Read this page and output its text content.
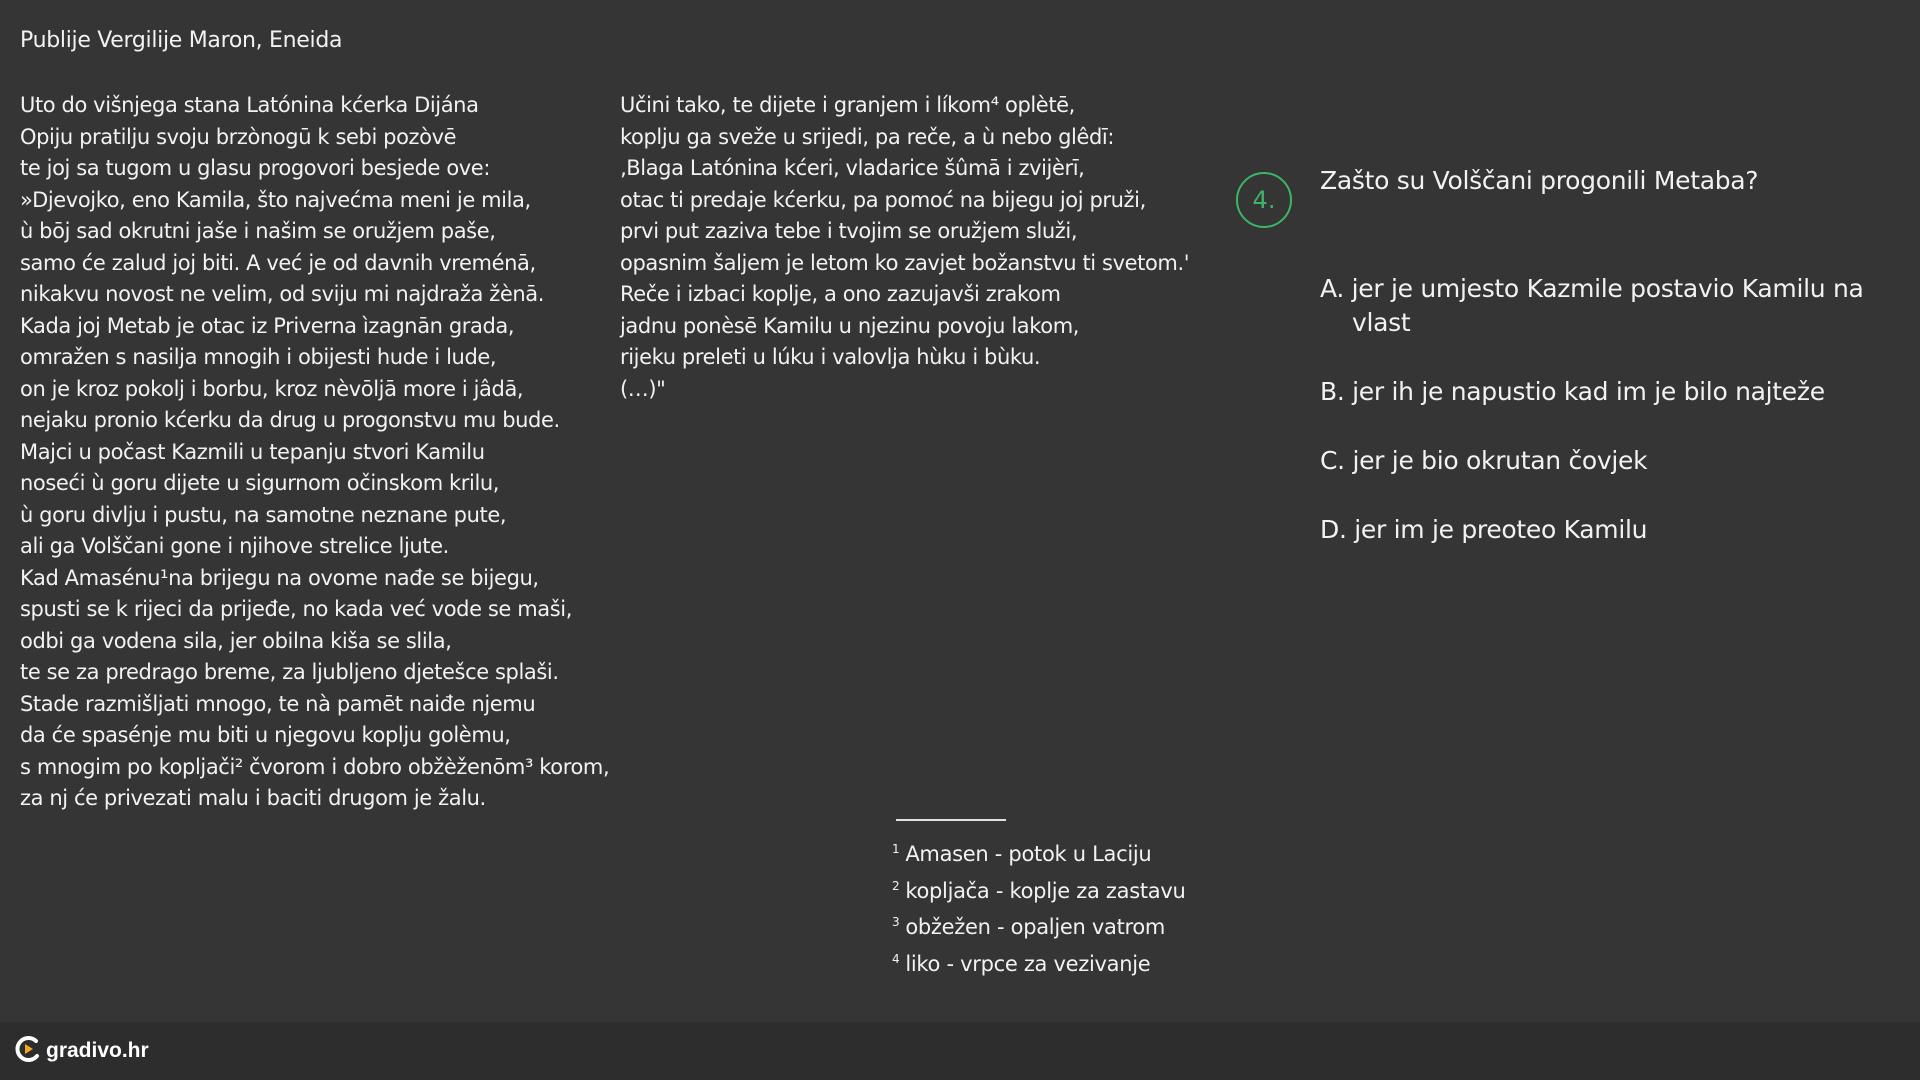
Publije Vergilije Maron, Eneida
Uto do višnjega stana Latónina kćerka Dijána
Opiju pratilju svoju brzònogū k sebi pozòvē
te joj sa tugom u glasu progovori besjede ove:
»Djevojko, eno Kamila, što najvećma meni je mila,
ù bōj sad okrutni jaše i našim se oružjem paše,
samo će zalud joj biti. A već je od davnih vreménā,
nikakvu novost ne velim, od sviju mi najdraža žènā.
Kada joj Metab je otac iz Priverna ìzagnān grada,
omražen s nasilja mnogih i obijesti hude i lude,
on je kroz pokolj i borbu, kroz nèvōljā more i jâdā,
nejaku pronio kćerku da drug u progonstvu mu bude.
Majci u počast Kazmili u tepanju stvori Kamilu
noseći ù goru dijete u sigurnom očinskom krilu,
ù goru divlju i pustu, na samotne neznane pute,
ali ga Volščani gone i njihove strelice ljute.
Kad Amasénu¹na brijegu na ovome nađe se bijegu,
spusti se k rijeci da prijeđe, no kada već vode se maši,
odbi ga vodena sila, jer obilna kiša se slila,
te se za predrago breme, za ljubljeno djetešce splaši.
Stade razmišljati mnogo, te nà pamēt naiđe njemu
da će spasénje mu biti u njegovu koplju golèmu,
s mnogim po kopljači² čvorom i dobro obžèženōm³ korom,
za nj će privezati malu i baciti drugom je žalu.
Učini tako, te dijete i granjem i líkom⁴ oplètē,
koplju ga sveže u srijedi, pa reče, a ù nebo glêdī:
‚Blaga Latónina kćeri, vladarice šûmā i zvijèrī,
otac ti predaje kćerku, pa pomoć na bijegu joj pruži,
prvi put zaziva tebe i tvojim se oružjem služi,
opasnim šaljem je letom ko zavjet božanstvu ti svetom.'
Reče i izbaci koplje, a ono zazujavši zrakom
jadnu ponèsē Kamilu u njezinu povoju lakom,
rijeku preleti u lúku i valovlja hùku i bùku.
(…)"
4.
Zašto su Volščani progonili Metaba?
A. jer je umjesto Kazmile postavio Kamilu na vlast
B. jer ih je napustio kad im je bilo najteže
C. jer je bio okrutan čovjek
D. jer im je preoteo Kamilu
$^1$ Amasen - potok u Laciju
$^2$ kopljača - koplje za zastavu
$^3$ obžežen - opaljen vatrom
$^4$ liko - vrpce za vezivanje
gradivo.hr
